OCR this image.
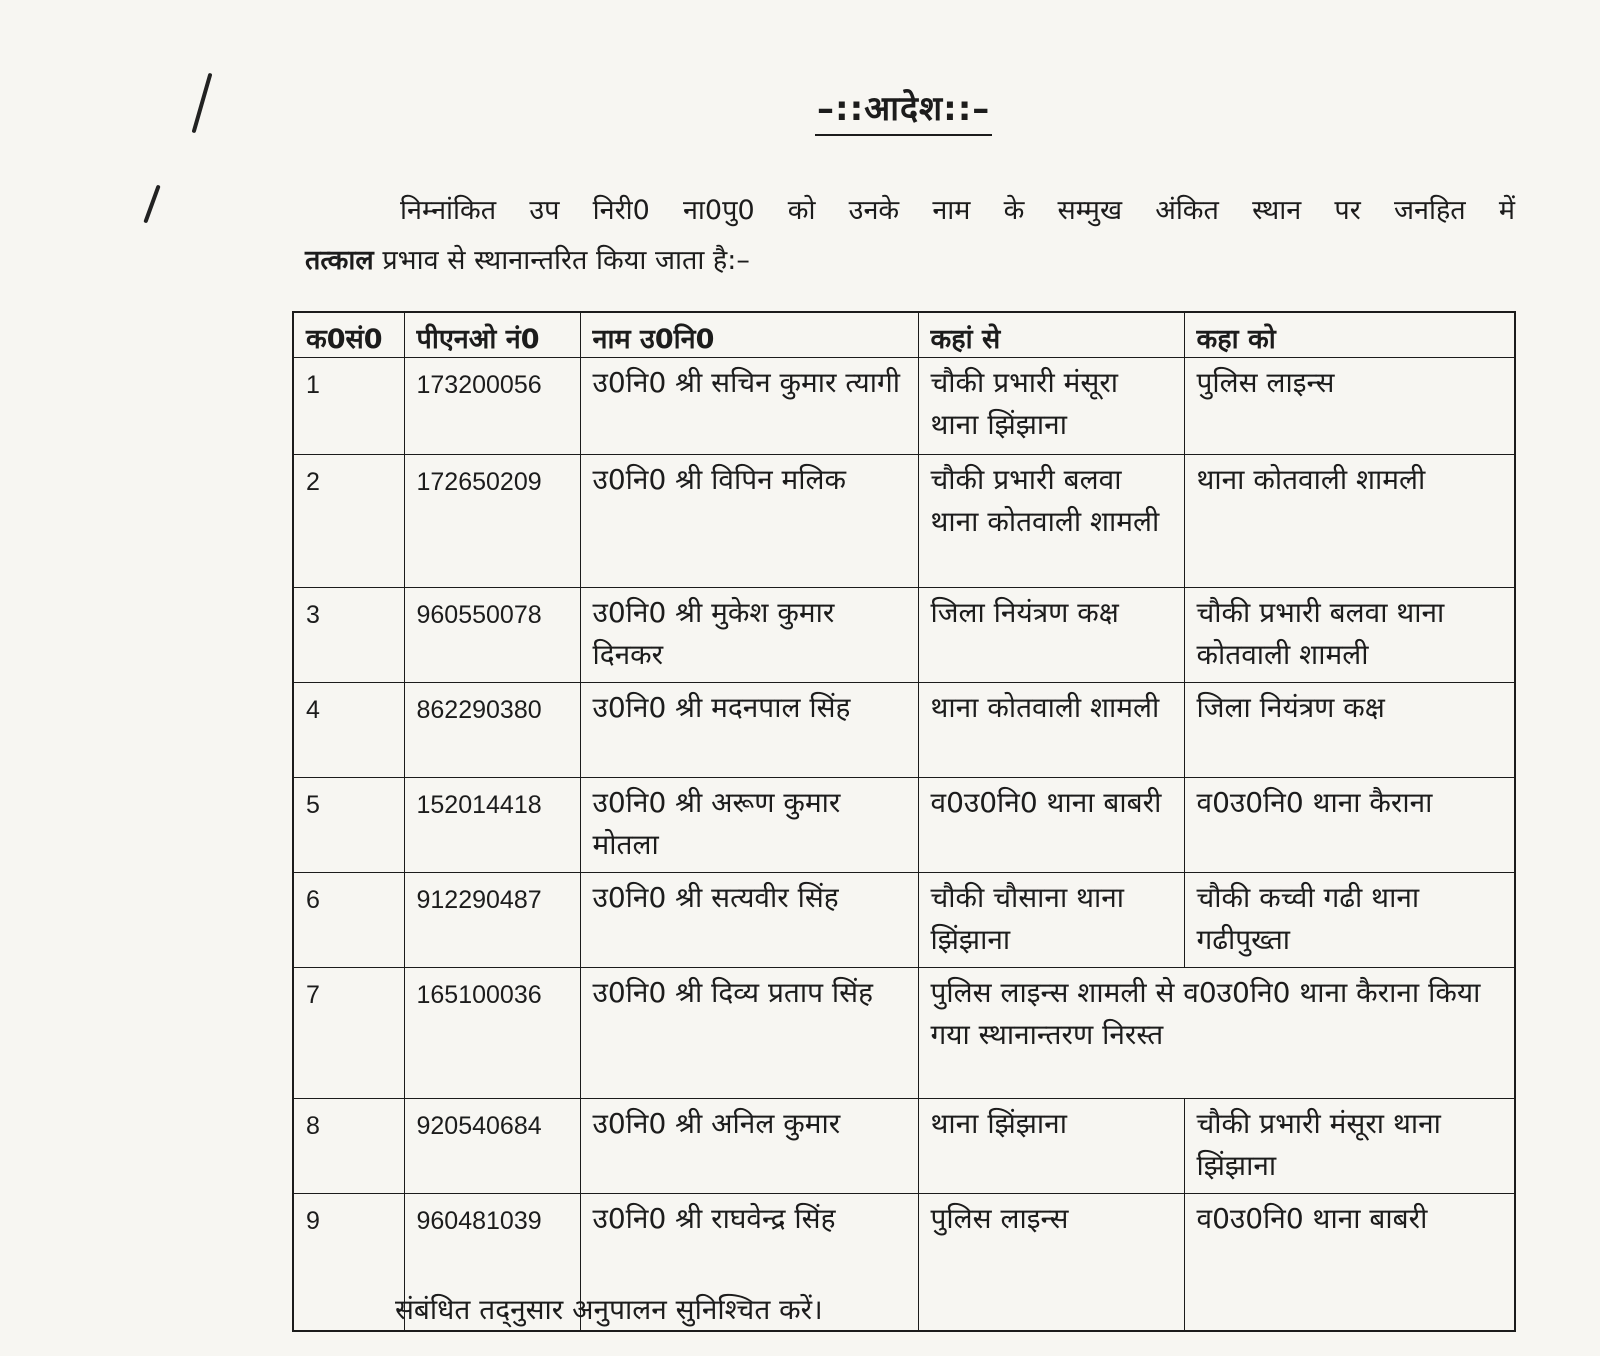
–::आदेश::–
निम्नांकित उप निरी0 ना0पु0 को उनके नाम के सम्मुख अंकित स्थान पर जनहित में
तत्काल प्रभाव से स्थानान्तरित किया जाता है:–
क0सं0	पीएनओ नं0	नाम उ0नि0	कहां से	कहा को
1	173200056	उ0नि0 श्री सचिन कुमार त्यागी	चौकी प्रभारी मंसूरा थाना झिंझाना	पुलिस लाइन्स
2	172650209	उ0नि0 श्री विपिन मलिक	चौकी प्रभारी बलवा थाना कोतवाली शामली	थाना कोतवाली शामली
3	960550078	उ0नि0 श्री मुकेश कुमार दिनकर	जिला नियंत्रण कक्ष	चौकी प्रभारी बलवा थाना कोतवाली शामली
4	862290380	उ0नि0 श्री मदनपाल सिंह	थाना कोतवाली शामली	जिला नियंत्रण कक्ष
5	152014418	उ0नि0 श्री अरूण कुमार मोतला	व0उ0नि0 थाना बाबरी	व0उ0नि0 थाना कैराना
6	912290487	उ0नि0 श्री सत्यवीर सिंह	चौकी चौसाना थाना झिंझाना	चौकी कच्वी गढी थाना गढीपुख्ता
7	165100036	उ0नि0 श्री दिव्य प्रताप सिंह	पुलिस लाइन्स शामली से व0उ0नि0 थाना कैराना किया गया स्थानान्तरण निरस्त	
8	920540684	उ0नि0 श्री अनिल कुमार	थाना झिंझाना	चौकी प्रभारी मंसूरा थाना झिंझाना
9	960481039	उ0नि0 श्री राघवेन्द्र सिंह	पुलिस लाइन्स	व0उ0नि0 थाना बाबरी
संबंधित तद्नुसार अनुपालन सुनिश्चित करें।
